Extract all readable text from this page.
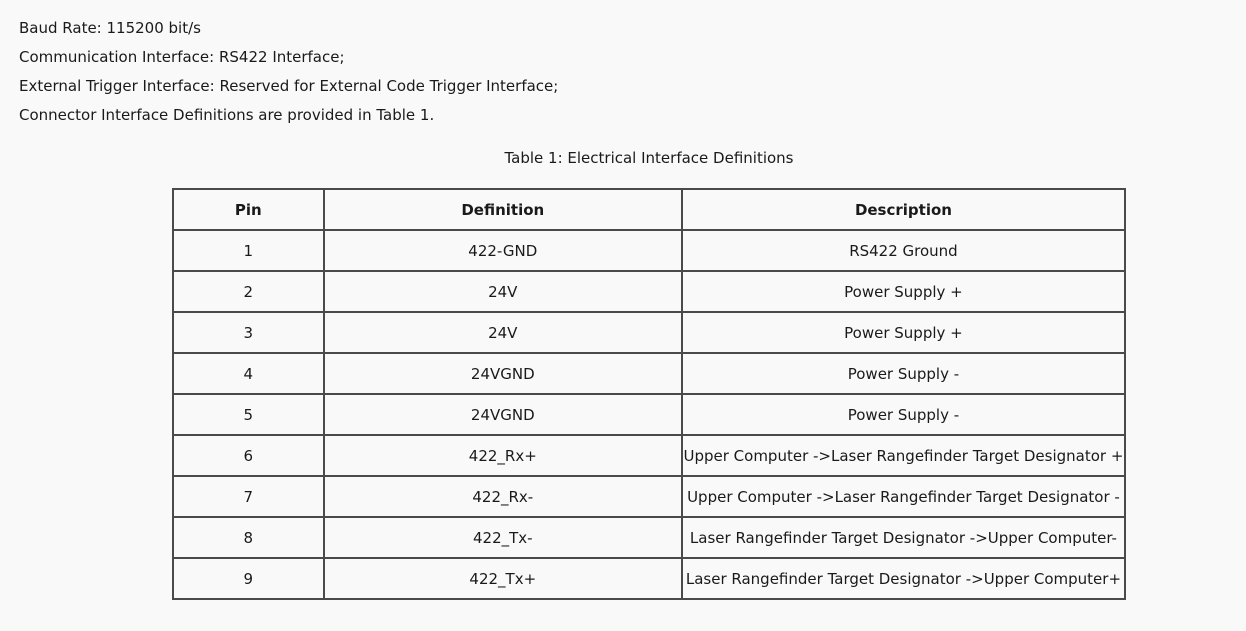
Baud Rate: 115200 bit/s
Communication Interface: RS422 Interface;
External Trigger Interface: Reserved for External Code Trigger Interface;
Connector Interface Definitions are provided in Table 1.
Table 1: Electrical Interface Definitions
Pin	Definition	Description
1	422-GND	RS422 Ground
2	24V	Power Supply +
3	24V	Power Supply +
4	24VGND	Power Supply -
5	24VGND	Power Supply -
6	422_Rx+	Upper Computer ->Laser Rangefinder Target Designator +
7	422_Rx-	Upper Computer ->Laser Rangefinder Target Designator -
8	422_Tx-	Laser Rangefinder Target Designator ->Upper Computer-
9	422_Tx+	Laser Rangefinder Target Designator ->Upper Computer+
